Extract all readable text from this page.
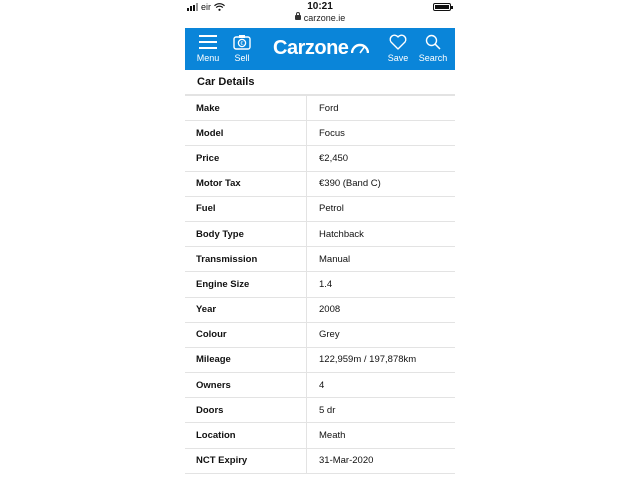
eir	10:21
carzone.ie
Menu
€
Sell	Carzone	Save	Search
Car Details
Make	Ford
Model	Focus
Price	€2,450
Motor Tax	€390 (Band C)
Fuel	Petrol
Body Type	Hatchback
Transmission	Manual
Engine Size	1.4
Year	2008
Colour	Grey
Mileage	122,959m / 197,878km
Owners	4
Doors	5 dr
Location	Meath
NCT Expiry	31-Mar-2020
